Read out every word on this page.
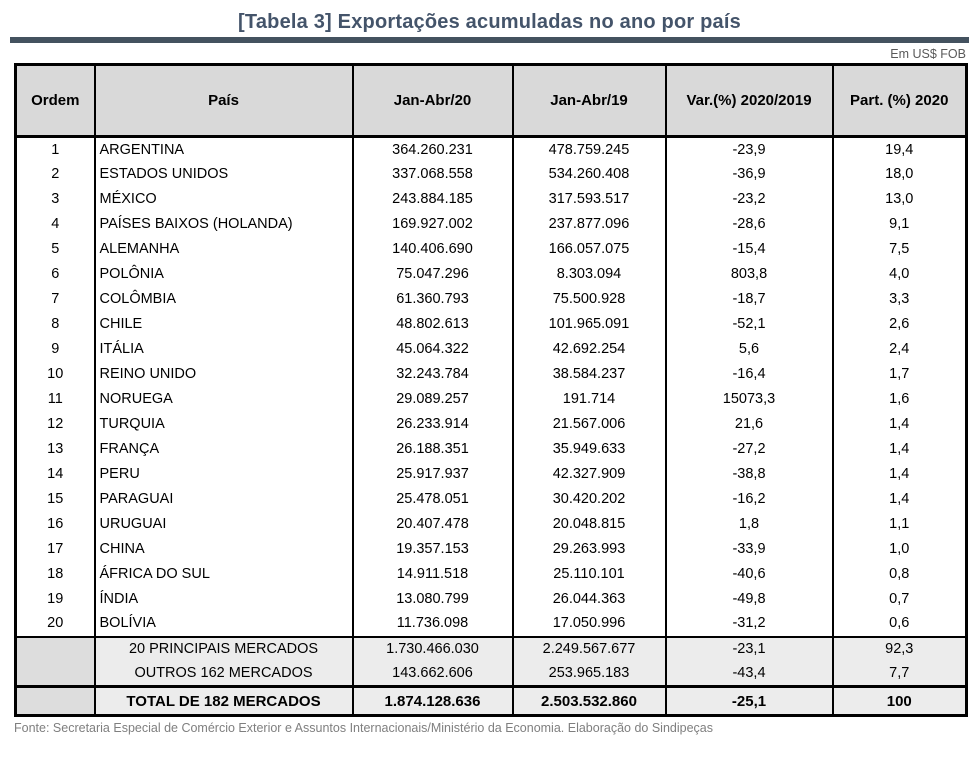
[Tabela 3] Exportações acumuladas no ano por país
Em US$ FOB
Ordem	País	Jan-Abr/20	Jan-Abr/19	Var.(%) 2020/2019	Part. (%) 2020
1	ARGENTINA	364.260.231	478.759.245	-23,9	19,4
2	ESTADOS UNIDOS	337.068.558	534.260.408	-36,9	18,0
3	MÉXICO	243.884.185	317.593.517	-23,2	13,0
4	PAÍSES BAIXOS (HOLANDA)	169.927.002	237.877.096	-28,6	9,1
5	ALEMANHA	140.406.690	166.057.075	-15,4	7,5
6	POLÔNIA	75.047.296	8.303.094	803,8	4,0
7	COLÔMBIA	61.360.793	75.500.928	-18,7	3,3
8	CHILE	48.802.613	101.965.091	-52,1	2,6
9	ITÁLIA	45.064.322	42.692.254	5,6	2,4
10	REINO UNIDO	32.243.784	38.584.237	-16,4	1,7
11	NORUEGA	29.089.257	191.714	15073,3	1,6
12	TURQUIA	26.233.914	21.567.006	21,6	1,4
13	FRANÇA	26.188.351	35.949.633	-27,2	1,4
14	PERU	25.917.937	42.327.909	-38,8	1,4
15	PARAGUAI	25.478.051	30.420.202	-16,2	1,4
16	URUGUAI	20.407.478	20.048.815	1,8	1,1
17	CHINA	19.357.153	29.263.993	-33,9	1,0
18	ÁFRICA DO SUL	14.911.518	25.110.101	-40,6	0,8
19	ÍNDIA	13.080.799	26.044.363	-49,8	0,7
20	BOLÍVIA	11.736.098	17.050.996	-31,2	0,6
	20 PRINCIPAIS MERCADOS	1.730.466.030	2.249.567.677	-23,1	92,3
	OUTROS 162 MERCADOS	143.662.606	253.965.183	-43,4	7,7
	TOTAL DE 182 MERCADOS	1.874.128.636	2.503.532.860	-25,1	100
Fonte: Secretaria Especial de Comércio Exterior e Assuntos Internacionais/Ministério da Economia. Elaboração do Sindipeças
